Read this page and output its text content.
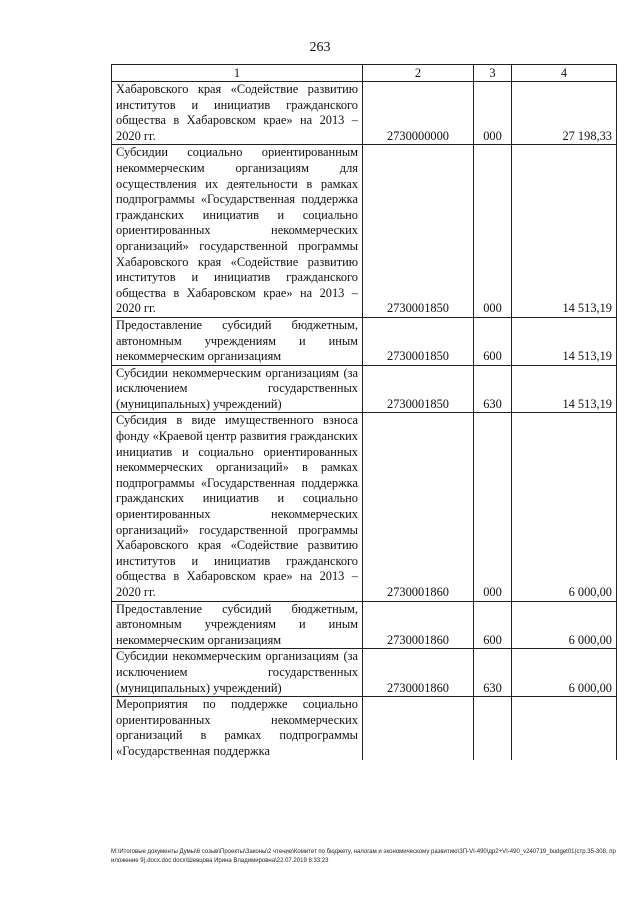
263
1	2	3	4
Хабаровского края «Содействие развитию институтов и инициатив гражданского общества в Хабаровском крае» на 2013 – 2020 гг.	2730000000	000	27 198,33
Субсидии социально ориентированным некоммерческим организациям для осуществления их деятельности в рамках подпрограммы «Государственная поддержка гражданских инициатив и социально ориентированных некоммерческих организаций» государственной программы Хабаровского края «Содействие развитию институтов и инициатив гражданского общества в Хабаровском крае» на 2013 – 2020 гг.	2730001850	000	14 513,19
Предоставление субсидий бюджетным, автономным учреждениям и иным некоммерческим организациям	2730001850	600	14 513,19
Субсидии некоммерческим организациям (за исключением государственных (муниципальных) учреждений)	2730001850	630	14 513,19
Субсидия в виде имущественного взноса фонду «Краевой центр развития гражданских инициатив и социально ориентированных некоммерческих организаций» в рамках подпрограммы «Государственная поддержка гражданских инициатив и социально ориентированных некоммерческих организаций» государственной программы Хабаровского края «Содействие развитию институтов и инициатив гражданского общества в Хабаровском крае» на 2013 – 2020 гг.	2730001860	000	6 000,00
Предоставление субсидий бюджетным, автономным учреждениям и иным некоммерческим организациям	2730001860	600	6 000,00
Субсидии некоммерческим организациям (за исключением государственных (муниципальных) учреждений)	2730001860	630	6 000,00
Мероприятия по поддержке социально ориентированных некоммерческих организаций в рамках подпрограммы «Государственная поддержка			
M:\Итоговые документы Думы\6 созыв\Проекты\Законы\2 чтение\Комитет по бюджету, налогам и экономическому развитию\ЗП-VI-490\др2+VI-490_v240719_budget01(стр.35-308, приложение 9).docx.doc docx\Шевцова Ирина Владимировна\22.07.2019 8:33:23
